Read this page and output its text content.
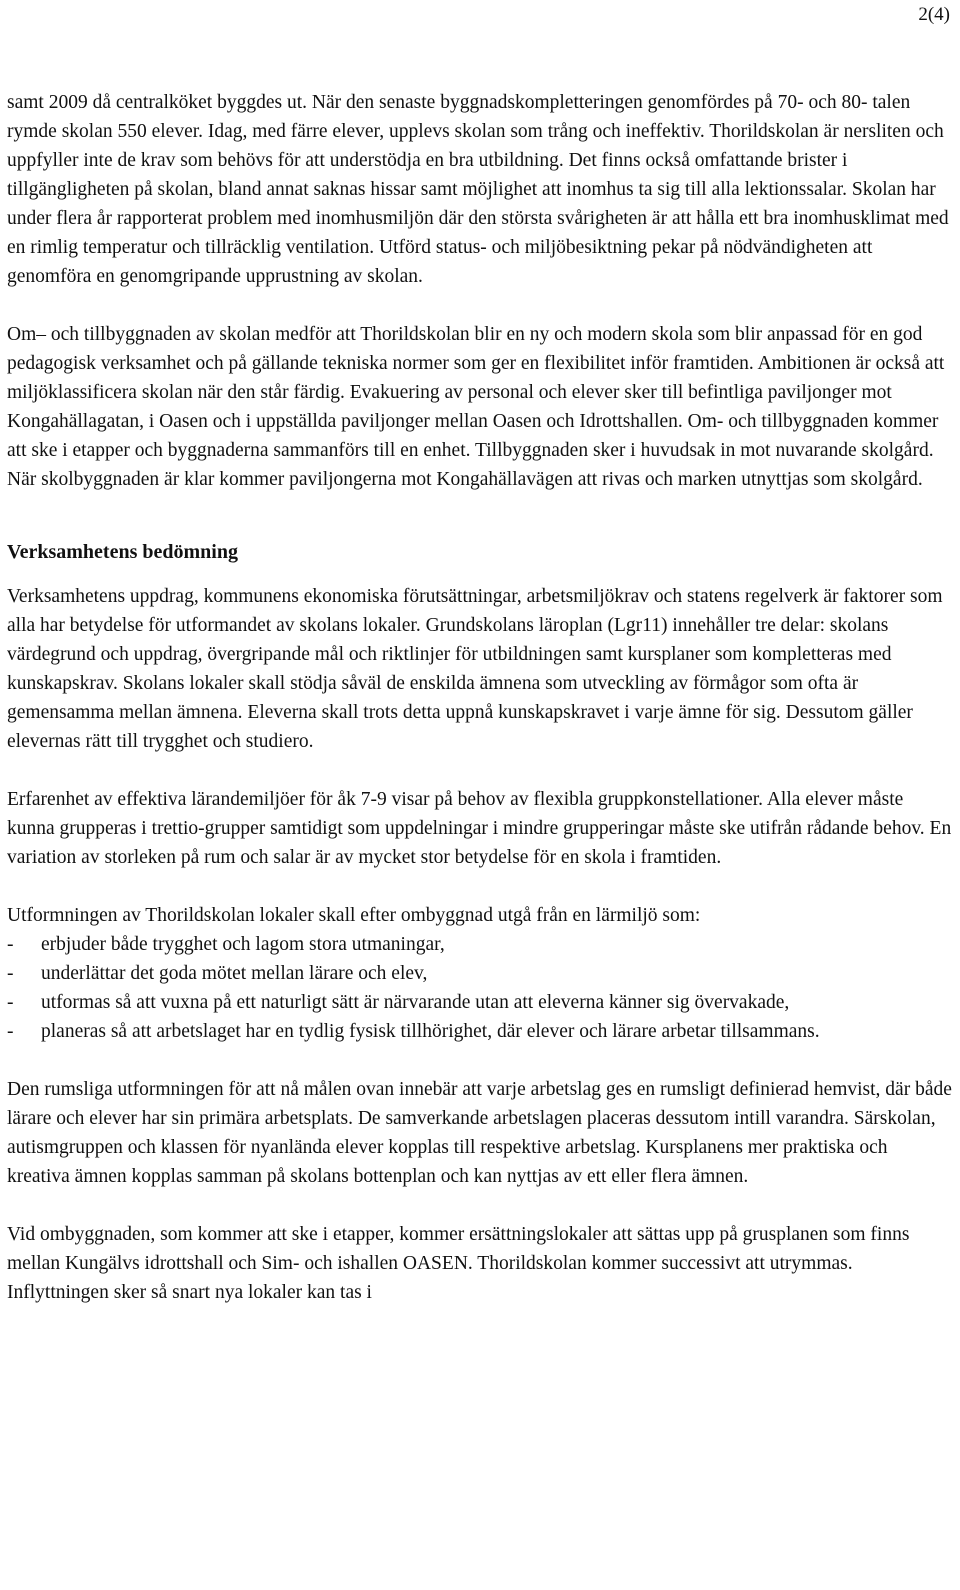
2(4)

samt 2009 då centralköket byggdes ut. När den senaste byggnadskompletteringen genomfördes på 70- och 80- talen rymde skolan 550 elever. Idag, med färre elever, upplevs skolan som trång och ineffektiv. Thorildskolan är nersliten och uppfyller inte de krav som behövs för att understödja en bra utbildning. Det finns också omfattande brister i tillgängligheten på skolan, bland annat saknas hissar samt möjlighet att inomhus ta sig till alla lektionssalar. Skolan har under flera år rapporterat problem med inomhusmiljön där den största svårigheten är att hålla ett bra inomhusklimat med en rimlig temperatur och tillräcklig ventilation. Utförd status- och miljöbesiktning pekar på nödvändigheten att genomföra en genomgripande upprustning av skolan.

Om– och tillbyggnaden av skolan medför att Thorildskolan blir en ny och modern skola som blir anpassad för en god pedagogisk verksamhet och på gällande tekniska normer som ger en flexibilitet inför framtiden. Ambitionen är också att miljöklassificera skolan när den står färdig. Evakuering av personal och elever sker till befintliga paviljonger mot Kongahällagatan, i Oasen och i uppställda paviljonger mellan Oasen och Idrottshallen. Om- och tillbyggnaden kommer att ske i etapper och byggnaderna sammanförs till en enhet. Tillbyggnaden sker i huvudsak in mot nuvarande skolgård. När skolbyggnaden är klar kommer paviljongerna mot Kongahällavägen att rivas och marken utnyttjas som skolgård.

Verksamhetens bedömning

Verksamhetens uppdrag, kommunens ekonomiska förutsättningar, arbetsmiljökrav och statens regelverk är faktorer som alla har betydelse för utformandet av skolans lokaler. Grundskolans läroplan (Lgr11) innehåller tre delar: skolans värdegrund och uppdrag, övergripande mål och riktlinjer för utbildningen samt kursplaner som kompletteras med kunskapskrav. Skolans lokaler skall stödja såväl de enskilda ämnena som utveckling av förmågor som ofta är gemensamma mellan ämnena. Eleverna skall trots detta uppnå kunskapskravet i varje ämne för sig. Dessutom gäller elevernas rätt till trygghet och studiero.

Erfarenhet av effektiva lärandemiljöer för åk 7-9 visar på behov av flexibla gruppkonstellationer. Alla elever måste kunna grupperas i trettio-grupper samtidigt som uppdelningar i mindre grupperingar måste ske utifrån rådande behov. En variation av storleken på rum och salar är av mycket stor betydelse för en skola i framtiden.

Utformningen av Thorildskolan lokaler skall efter ombyggnad utgå från en lärmiljö som:

- erbjuder både trygghet och lagom stora utmaningar,
- underlättar det goda mötet mellan lärare och elev,
- utformas så att vuxna på ett naturligt sätt är närvarande utan att eleverna känner sig övervakade,
- planeras så att arbetslaget har en tydlig fysisk tillhörighet, där elever och lärare arbetar tillsammans.

Den rumsliga utformningen för att nå målen ovan innebär att varje arbetslag ges en rumsligt definierad hemvist, där både lärare och elever har sin primära arbetsplats. De samverkande arbetslagen placeras dessutom intill varandra. Särskolan, autismgruppen och klassen för nyanlända elever kopplas till respektive arbetslag. Kursplanens mer praktiska och kreativa ämnen kopplas samman på skolans bottenplan och kan nyttjas av ett eller flera ämnen.

Vid ombyggnaden, som kommer att ske i etapper, kommer ersättningslokaler att sättas upp på grusplanen som finns mellan Kungälvs idrottshall och Sim- och ishallen OASEN. Thorildskolan kommer successivt att utrymmas. Inflyttningen sker så snart nya lokaler kan tas i
